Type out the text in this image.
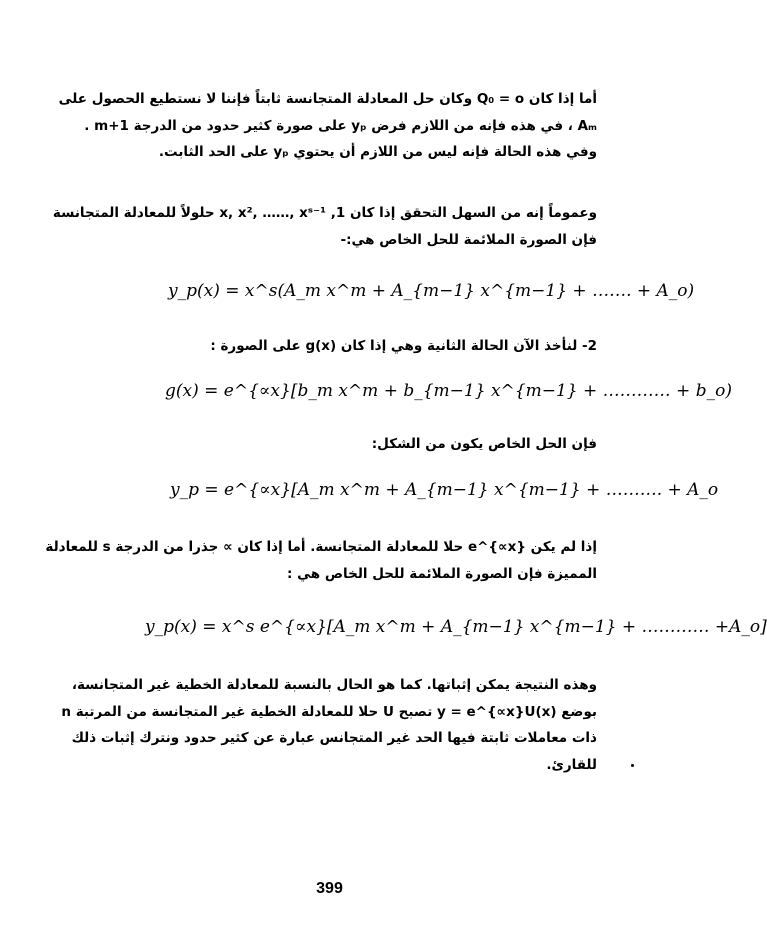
أما إذا كان Q₀ = o وكان حل المعادلة المتجانسة ثابتاً فإننا لا نستطيع الحصول على
Aₘ ، في هذه فإنه من اللازم فرض yₚ على صورة كثير حدود من الدرجة m+1 .
وفي هذه الحالة فإنه ليس من اللازم أن يحتوي yₚ على الحد الثابت.
وعموماً إنه من السهل التحقق إذا كان 1, x, x², ……, xˢ⁻¹ حلولاً للمعادلة المتجانسة
فإن الصورة الملائمة للحل الخاص هي:-
y_p(x) = x^s(A_m x^m + A_{m−1} x^{m−1} + ……. + A_o)
2- لنأخذ الآن الحالة الثانية وهي إذا كان g(x) على الصورة :
g(x) = e^{∝x}[b_m x^m + b_{m−1} x^{m−1} + ………… + b_o)
فإن الحل الخاص يكون من الشكل:
y_p = e^{∝x}[A_m x^m + A_{m−1} x^{m−1} + ………. + A_o
إذا لم يكن e^{∝x} حلا للمعادلة المتجانسة. أما إذا كان ∝ جذرا من الدرجة s للمعادلة
المميزة فإن الصورة الملائمة للحل الخاص هي :
y_p(x) = x^s e^{∝x}[A_m x^m + A_{m−1} x^{m−1} + ………… +A_o]
وهذه النتيجة يمكن إثباتها. كما هو الحال بالنسبة للمعادلة الخطية غير المتجانسة،
بوضع y = e^{∝x}U(x) تصبح U حلا للمعادلة الخطية غير المتجانسة من المرتبة n
ذات معاملات ثابتة فيها الحد غير المتجانس عبارة عن كثير حدود ونترك إثبات ذلك
للقارئ.
399
